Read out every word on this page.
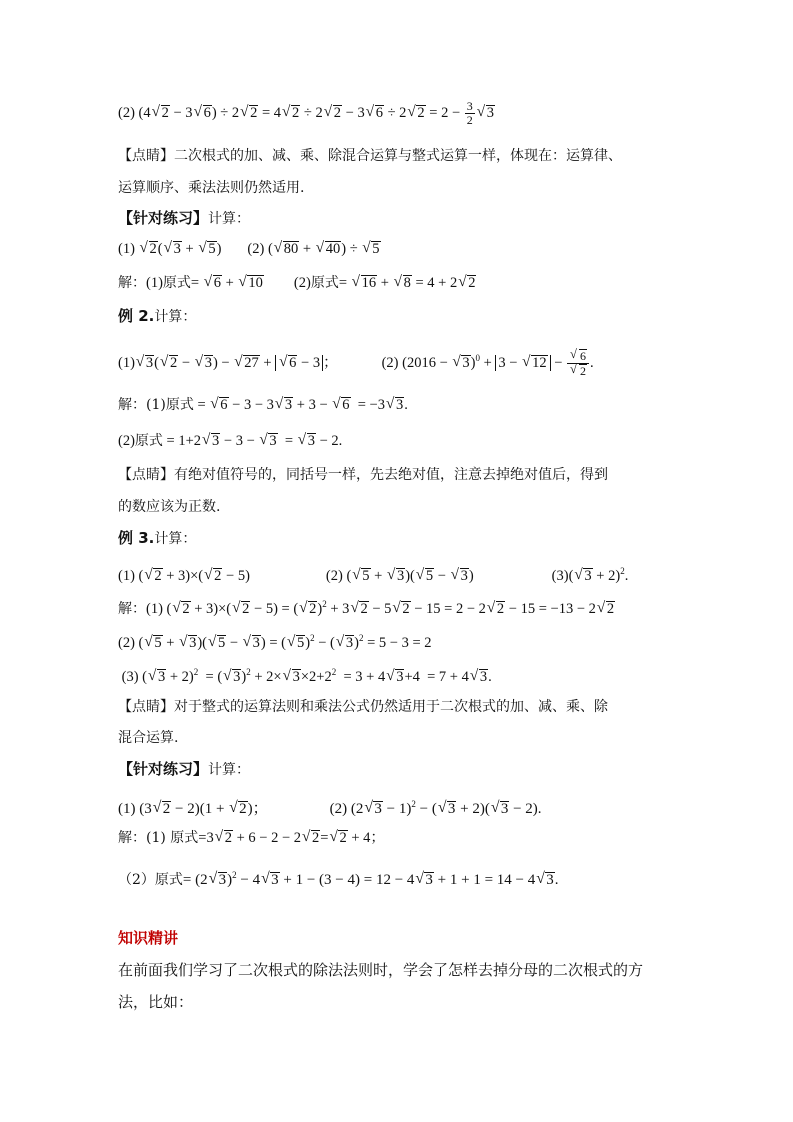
(2) (4√ 2 − 3√ 6) ÷ 2√ 2 = 4√ 2 ÷ 2√ 2 − 3√ 6 ÷ 2√ $2 = 2 - \frac{3}{2}$
√ 3
【点睛】二次根式的加、减、乘、除混合运算与整式运算一样，体现在：运算律、
运算顺序、乘法法则仍然适用.
【针对练习】计算：
(1) √ 2(√ 3 + √ 5) (2) (√ 80 + √ 40) ÷ √ 5
解：(1)原式= √ 6 + √ 10 (2)原式= √ 16 + √ 8 = 4 + 2√ 2
例 2.计算：
(1)√ 3(√ 2 − √ 3) − √ 27 + √ 6 − 3 ；	(2) (2016 − √ 3)$^0$ + 3 − √ 12 −
√ 6
√ 2 .
解：(1)原式 = √ 6 − 3 − 3√ 3 + 3 − √ 6  = −3√ 3.
(2)原式 = 1+2√ 3 − 3 − √ 3  = √ 3 − 2.
【点睛】有绝对值符号的，同括号一样，先去绝对值，注意去掉绝对值后，得到
的数应该为正数.
例 3.计算：
(1) (√ 2 + 3)×(√ 2 − 5)	(2) (√ 5 + √ 3)(√ 5 − √ 3)	(3)(√ 3 + 2)$^2$.
解：(1) (√ 2 + 3)×(√ 2 − 5) = (√ 2)$^2$ + 3√ 2 − 5√ 2 − 15 = 2 − 2√ 2 − 15 = −13 − 2√ 2
(2) (√ 5 + √ 3)(√ 5 − √ 3) = (√ 5)$^2$ − (√ 3)$^2$ = 5 − 3 = 2
(3) (√ 3 + 2)$^2$  = (√ 3)$^2$ + 2×√ $3\times 2+2^2 = 3 + 4√$ 3+4  = 7 + 4√ 3.
【点睛】对于整式的运算法则和乘法公式仍然适用于二次根式的加、减、乘、除
混合运算.
【针对练习】计算：
(1) (3√ 2 − 2)(1 + √ 2)；	(2) (2√ 3 − 1)$^2$ − (√ 3 + 2)(√ 3 − 2).
解：(1) 原式=3√ 2 + 6 − 2 − 2√ 2=√ 2 + 4；
（2）原式= (2√ 3)$^2$ − 4√ 3 + 1 − (3 − 4) = 12 − 4√ 3 + 1 + 1 = 14 − 4√ 3.
知识精讲
在前面我们学习了二次根式的除法法则时，学会了怎样去掉分母的二次根式的方
法，比如：
